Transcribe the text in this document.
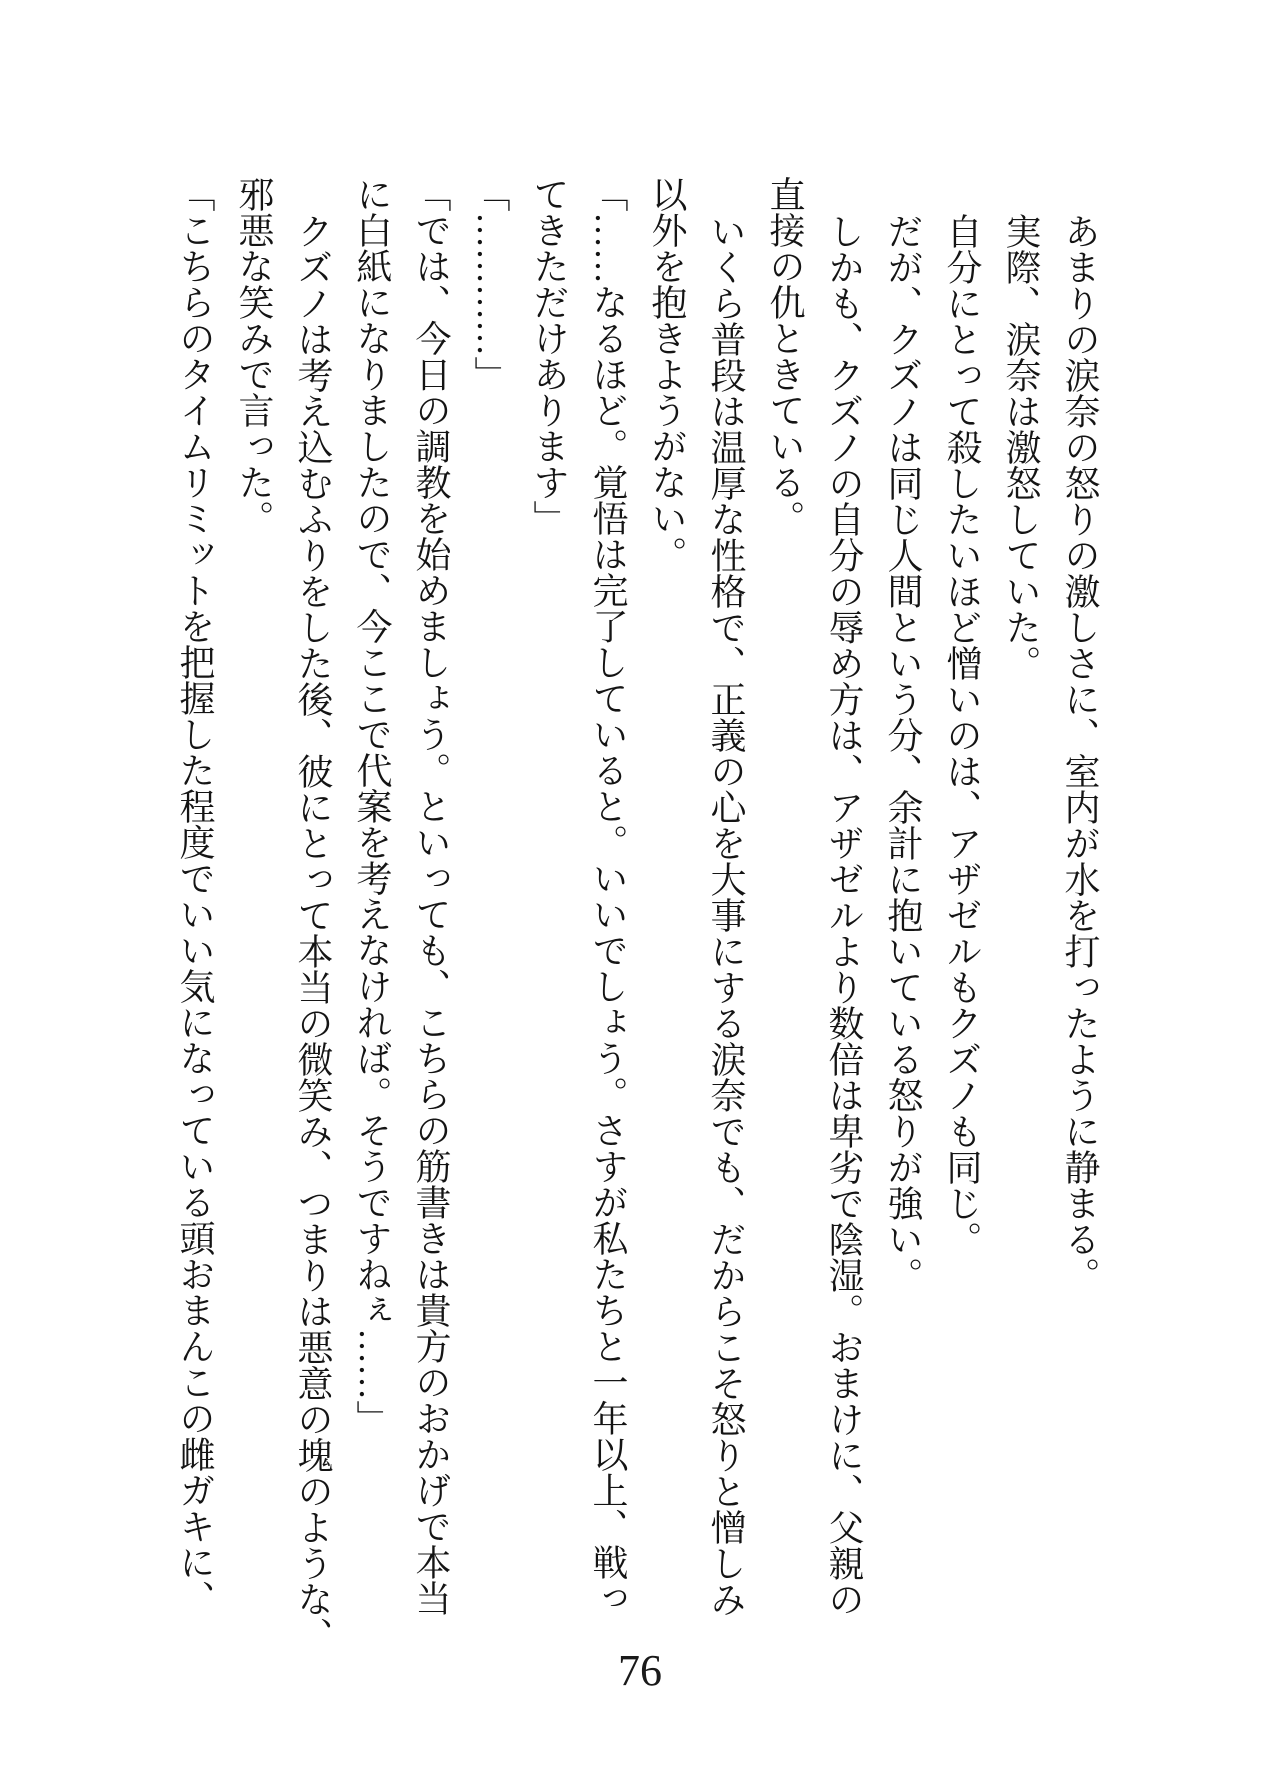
あまりの涙奈の怒りの激しさに、室内が水を打ったように静まる。
実際、涙奈は激怒していた。
自分にとって殺したいほど憎いのは、アザゼルもクズノも同じ。
だが、クズノは同じ人間という分、余計に抱いている怒りが強い。
しかも、クズノの自分の辱め方は、アザゼルより数倍は卑劣で陰湿。おまけに、父親の
直接の仇ときている。
いくら普段は温厚な性格で、正義の心を大事にする涙奈でも、だからこそ怒りと憎しみ
以外を抱きようがない。
「……なるほど。覚悟は完了していると。いいでしょう。さすが私たちと一年以上、戦っ
てきただけあります」
「…………」
「では、今日の調教を始めましょう。といっても、こちらの筋書きは貴方のおかげで本当
に白紙になりましたので、今ここで代案を考えなければ。そうですねぇ……」
クズノは考え込むふりをした後、彼にとって本当の微笑み、つまりは悪意の塊のような、
邪悪な笑みで言った。
「こちらのタイムリミットを把握した程度でいい気になっている頭おまんこの雌ガキに、
76
